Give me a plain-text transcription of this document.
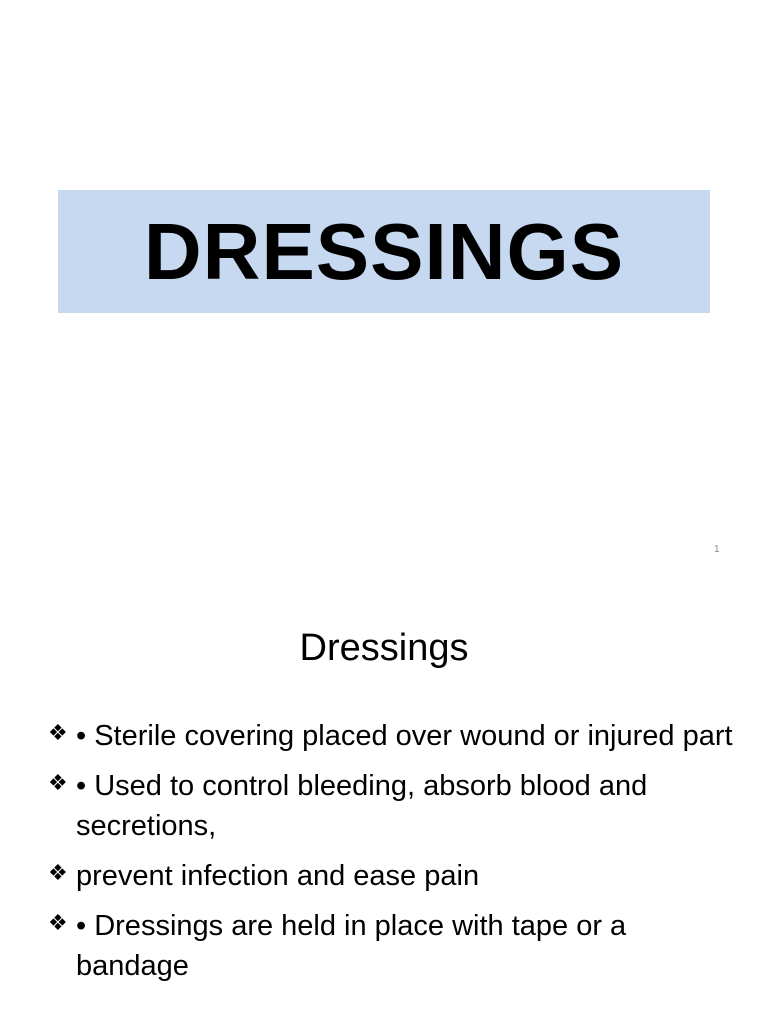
DRESSINGS
1
Dressings
❖ • Sterile covering placed over wound or injured part
❖ • Used to control bleeding, absorb blood and secretions,
❖ prevent infection and ease pain
❖ • Dressings are held in place with tape or a bandage
